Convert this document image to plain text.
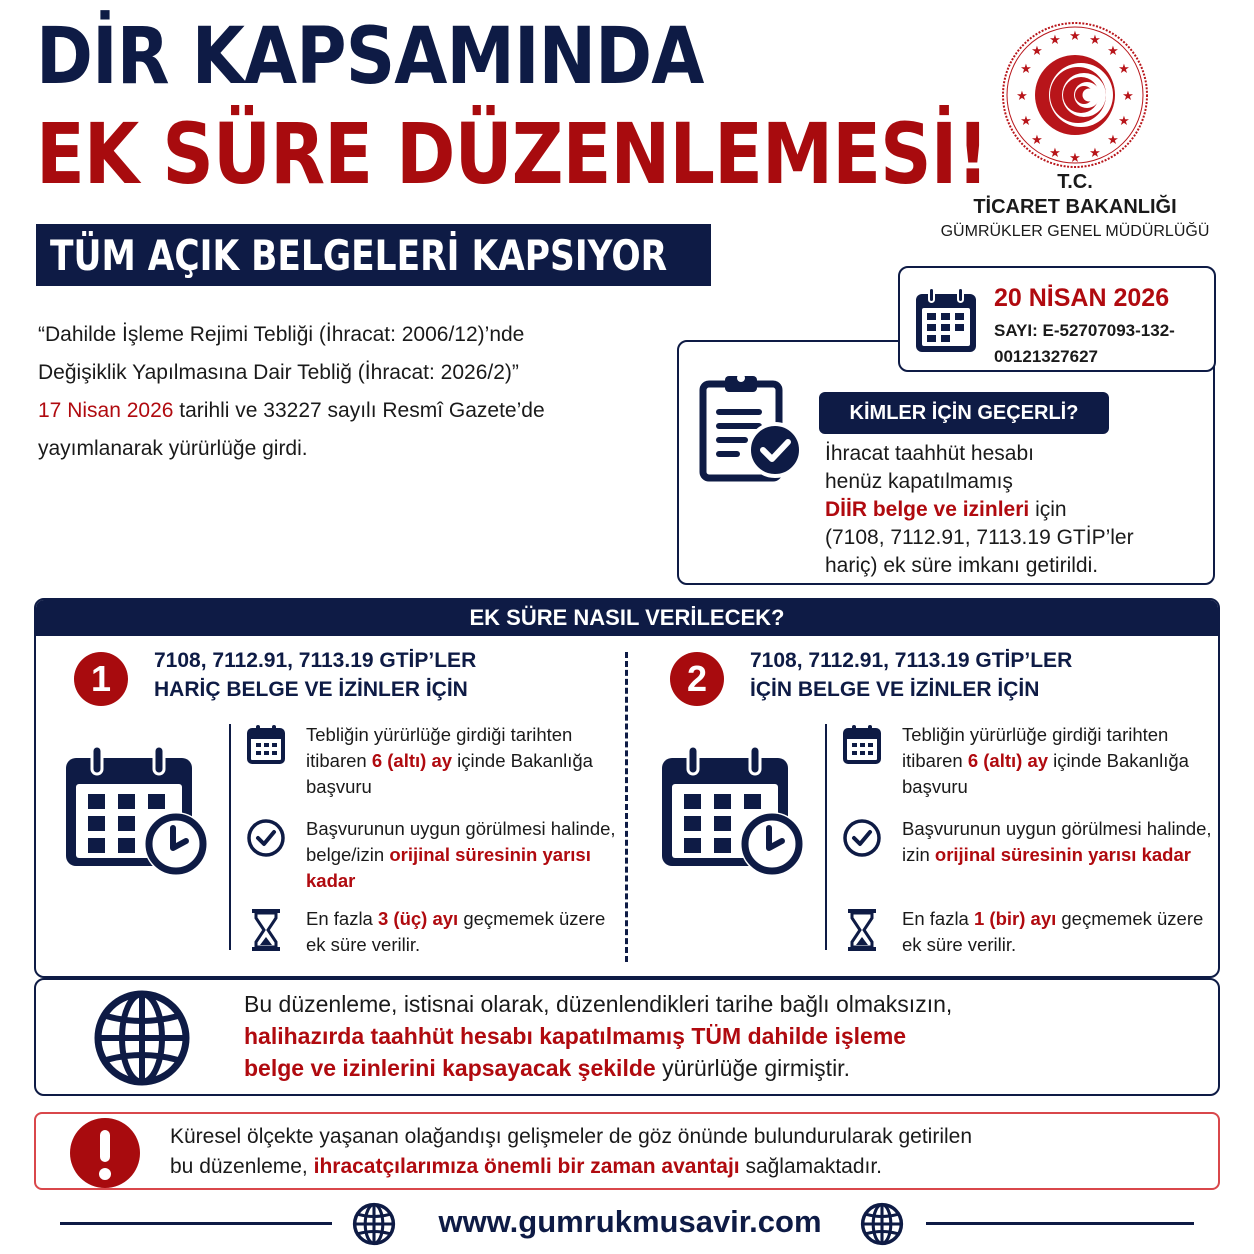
DİR KAPSAMINDA
EK SÜRE DÜZENLEMESİ!
TÜM AÇIK BELGELERİ KAPSIYOR
★ ★
★
★
★
★
★
★
★
★
★
★
★
★
★ ★
T.C.
TİCARET BAKANLIĞI
GÜMRÜKLER GENEL MÜDÜRLÜĞÜ
20 NİSAN 2026
SAYI: E-52707093-132-
00121327627
“Dahilde İşleme Rejimi Tebliği (İhracat: 2006/12)’nde
Değişiklik Yapılmasına Dair Tebliğ (İhracat: 2026/2)”
17 Nisan 2026 tarihli ve 33227 sayılı Resmî Gazete’de
yayımlanarak yürürlüğe girdi.
KİMLER İÇİN GEÇERLİ?
İhracat taahhüt hesabı
henüz kapatılmamış
DİİR belge ve izinleri için
(7108, 7112.91, 7113.19 GTİP’ler
hariç) ek süre imkanı getirildi.
EK SÜRE NASIL VERİLECEK?
1	7108, 7112.91, 7113.19 GTİP’LER
HARİÇ BELGE VE İZİNLER İÇİN
Tebliğin yürürlüğe girdiği tarihten itibaren 6 (altı) ay içinde Bakanlığa başvuru
Başvurunun uygun görülmesi halinde, belge/izin orijinal süresinin yarısı kadar
En fazla 3 (üç) ayı geçmemek üzere ek süre verilir.
2	7108, 7112.91, 7113.19 GTİP’LER
İÇİN BELGE VE İZİNLER İÇİN
Tebliğin yürürlüğe girdiği tarihten itibaren 6 (altı) ay içinde Bakanlığa başvuru
Başvurunun uygun görülmesi halinde, izin orijinal süresinin yarısı kadar
En fazla 1 (bir) ayı geçmemek üzere ek süre verilir.
Bu düzenleme, istisnai olarak, düzenlendikleri tarihe bağlı olmaksızın,
halihazırda taahhüt hesabı kapatılmamış TÜM dahilde işleme
belge ve izinlerini kapsayacak şekilde yürürlüğe girmiştir.
Küresel ölçekte yaşanan olağandışı gelişmeler de göz önünde bulundurularak getirilen
bu düzenleme, ihracatçılarımıza önemli bir zaman avantajı sağlamaktadır.
www.gumrukmusavir.com
